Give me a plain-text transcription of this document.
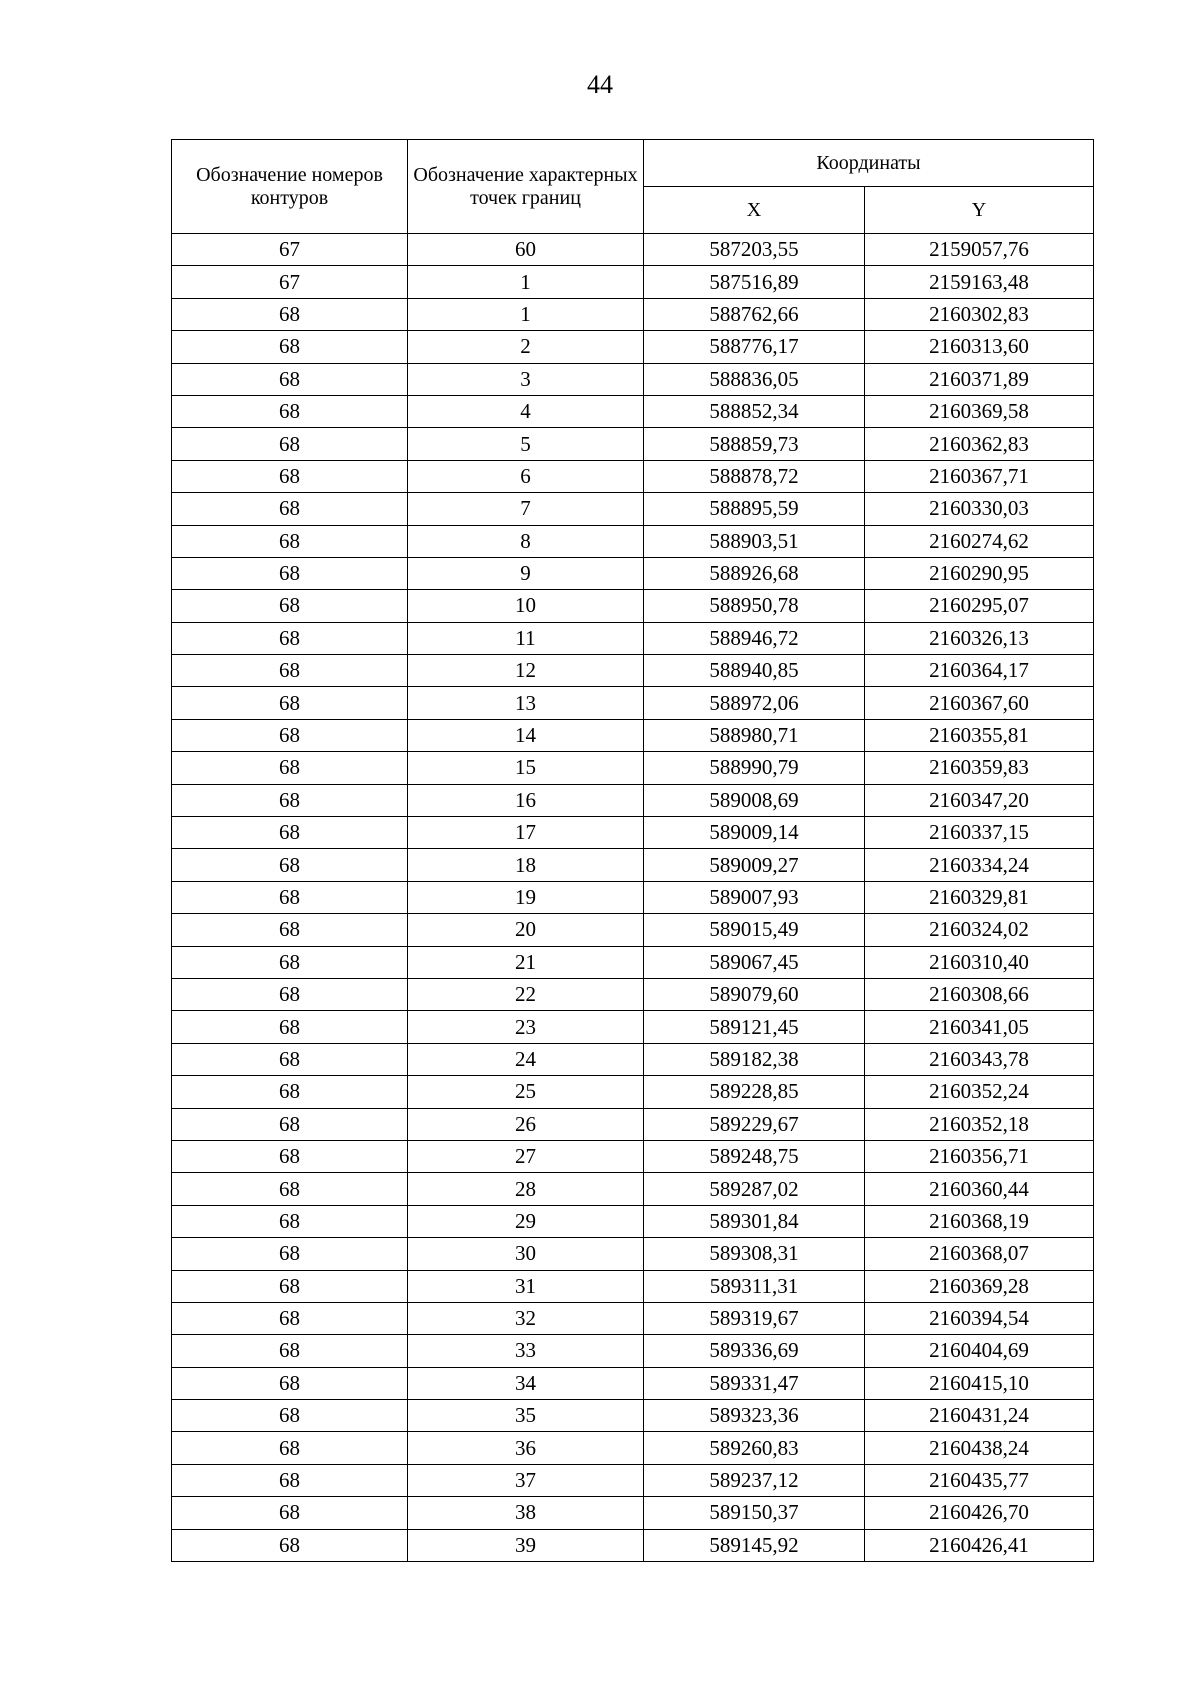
44
Обозначение номеров контуров	Обозначение характерных точек границ	Координаты	
		X	Y
67	60	587203,55	2159057,76
67	1	587516,89	2159163,48
68	1	588762,66	2160302,83
68	2	588776,17	2160313,60
68	3	588836,05	2160371,89
68	4	588852,34	2160369,58
68	5	588859,73	2160362,83
68	6	588878,72	2160367,71
68	7	588895,59	2160330,03
68	8	588903,51	2160274,62
68	9	588926,68	2160290,95
68	10	588950,78	2160295,07
68	11	588946,72	2160326,13
68	12	588940,85	2160364,17
68	13	588972,06	2160367,60
68	14	588980,71	2160355,81
68	15	588990,79	2160359,83
68	16	589008,69	2160347,20
68	17	589009,14	2160337,15
68	18	589009,27	2160334,24
68	19	589007,93	2160329,81
68	20	589015,49	2160324,02
68	21	589067,45	2160310,40
68	22	589079,60	2160308,66
68	23	589121,45	2160341,05
68	24	589182,38	2160343,78
68	25	589228,85	2160352,24
68	26	589229,67	2160352,18
68	27	589248,75	2160356,71
68	28	589287,02	2160360,44
68	29	589301,84	2160368,19
68	30	589308,31	2160368,07
68	31	589311,31	2160369,28
68	32	589319,67	2160394,54
68	33	589336,69	2160404,69
68	34	589331,47	2160415,10
68	35	589323,36	2160431,24
68	36	589260,83	2160438,24
68	37	589237,12	2160435,77
68	38	589150,37	2160426,70
68	39	589145,92	2160426,41
